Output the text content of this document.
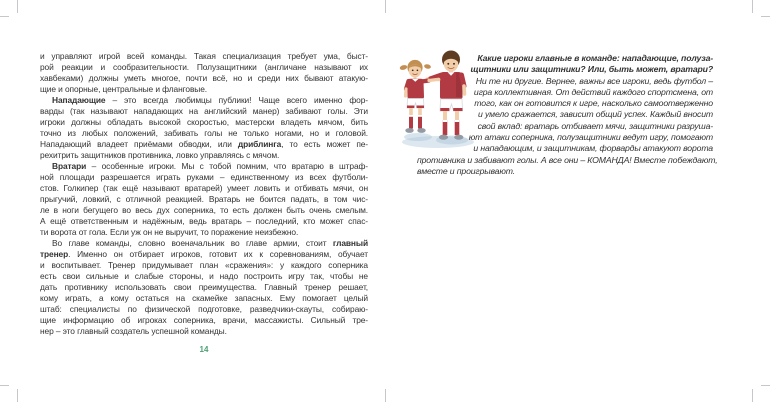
и управляют игрой всей команды. Такая специализация требует ума, быст-
рой реакции и сообразительности. Полузащитники (англичане называют их
хавбеками) должны уметь многое, почти всё, но и среди них бывают атакую-
щие и опорные, центральные и фланговые.
Нападающие – это всегда любимцы публики! Чаще всего именно фор-
варды (так называют нападающих на английский манер) забивают голы. Эти
игроки должны обладать высокой скоростью, мастерски владеть мячом, бить
точно из любых положений, забивать голы не только ногами, но и головой.
Нападающий владеет приёмами обводки, или дриблинга, то есть может пе-
рехитрить защитников противника, ловко управляясь с мячом.
Вратари – особенные игроки. Мы с тобой помним, что вратарю в штраф-
ной площади разрешается играть руками – единственному из всех футболи-
стов. Голкипер (так ещё называют вратарей) умеет ловить и отбивать мячи, он
прыгучий, ловкий, с отличной реакцией. Вратарь не боится падать, в том чис-
ле в ноги бегущего во весь дух соперника, то есть должен быть очень смелым.
А ещё ответственным и надёжным, ведь вратарь – последний, кто может спас-
ти ворота от гола. Если уж он не выручит, то поражение неизбежно.
Во главе команды, словно военачальник во главе армии, стоит главный
тренер. Именно он отбирает игроков, готовит их к соревнованиям, обучает
и воспитывает. Тренер придумывает план «сражения»: у каждого соперника
есть свои сильные и слабые стороны, и надо построить игру так, чтобы не
дать противнику использовать свои преимущества. Главный тренер решает,
кому играть, а кому остаться на скамейке запасных. Ему помогает целый
штаб: специалисты по физической подготовке, разведчики-скауты, собираю-
щие информацию об игроках соперника, врачи, массажисты. Сильный тре-
нер – это главный создатель успешной команды.
14
Какие игроки главные в команде: нападающие, полуза-
щитники или защитники? Или, быть может, вратари?
Ни те ни другие. Вернее, важны все игроки, ведь футбол –
игра коллективная. От действий каждого спортсмена, от
того, как он готовится к игре, насколько самоотверженно
и умело сражается, зависит общий успех. Каждый вносит
свой вклад: вратарь отбивает мячи, защитники разруша-
ют атаки соперника, полузащитники ведут игру, помогают
и нападающим, и защитникам, форварды атакуют ворота
противника и забивают голы. А все они – КОМАНДА! Вместе побеждают,
вместе и проигрывают.
